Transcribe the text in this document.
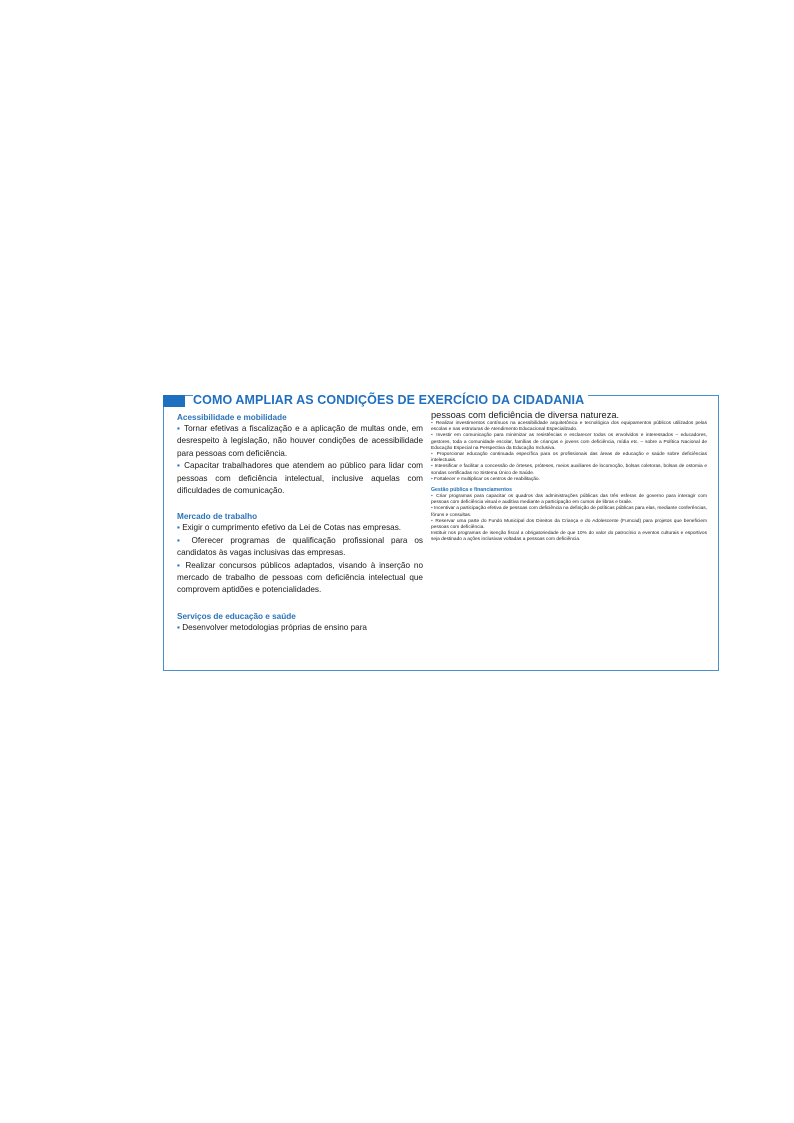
COMO AMPLIAR AS CONDIÇÕES DE EXERCÍCIO DA CIDADANIA

Acessibilidade e mobilidade

▪ Tornar efetivas a fiscalização e a aplicação de multas onde, em desrespeito à legislação, não houver condições de acessibilidade para pessoas com deficiência.

▪ Capacitar trabalhadores que atendem ao público para lidar com pessoas com deficiência intelectual, inclusive aquelas com dificuldades de comunicação.

Mercado de trabalho

▪ Exigir o cumprimento efetivo da Lei de Cotas nas empresas.

▪ Oferecer programas de qualificação profissional para os candidatos às vagas inclusivas das empresas.

▪ Realizar concursos públicos adaptados, visando à inserção no mercado de trabalho de pessoas com deficiência intelectual que comprovem aptidões e potencialidades.

Serviços de educação e saúde

▪ Desenvolver metodologias próprias de ensino para

pessoas com deficiência de diversa natureza.

▪ Realizar investimentos contínuos na acessibilidade arquitetônica e tecnológica dos equipamentos públicos utilizados pelas escolas e nas estruturas de Atendimento Educacional Especializado.

▪ Investir em comunicação para minimizar as resistências e esclarecer todos os envolvidos e interessados – educadores, gestores, toda a comunidade escolar, famílias de crianças e jovens com deficiência, mídia etc. – sobre a Política Nacional de Educação Especial na Perspectiva da Educação Inclusiva.

▪ Proporcionar educação continuada específica para os profissionais das áreas de educação e saúde sobre deficiências intelectuais.

▪ Intensificar e facilitar a concessão de órteses, próteses, meios auxiliares de locomoção, bolsas coletoras, bolsas de ostomia e sondas certificadas no Sistema Único de Saúde.

▪ Fortalecer e multiplicar os centros de reabilitação.

Gestão pública e financiamentos

▪ Criar programas para capacitar os quadros das administrações públicas das três esferas de governo para interagir com pessoas com deficiência visual e auditiva mediante a participação em cursos de libras e braile.

▪ Incentivar a participação efetiva de pessoas com deficiência na definição de políticas públicas para elas, mediante conferências, fóruns e consultas.

▪ Reservar uma parte do Fundo Municipal dos Direitos da Criança e do Adolescente (Fumcad) para projetos que beneficiem pessoas com deficiência.

Instituir nos programas de isenção fiscal a obrigatoriedade de que 10% do valor do patrocínio a eventos culturais e esportivos seja destinado a ações inclusivas voltadas a pessoas com deficiência.
